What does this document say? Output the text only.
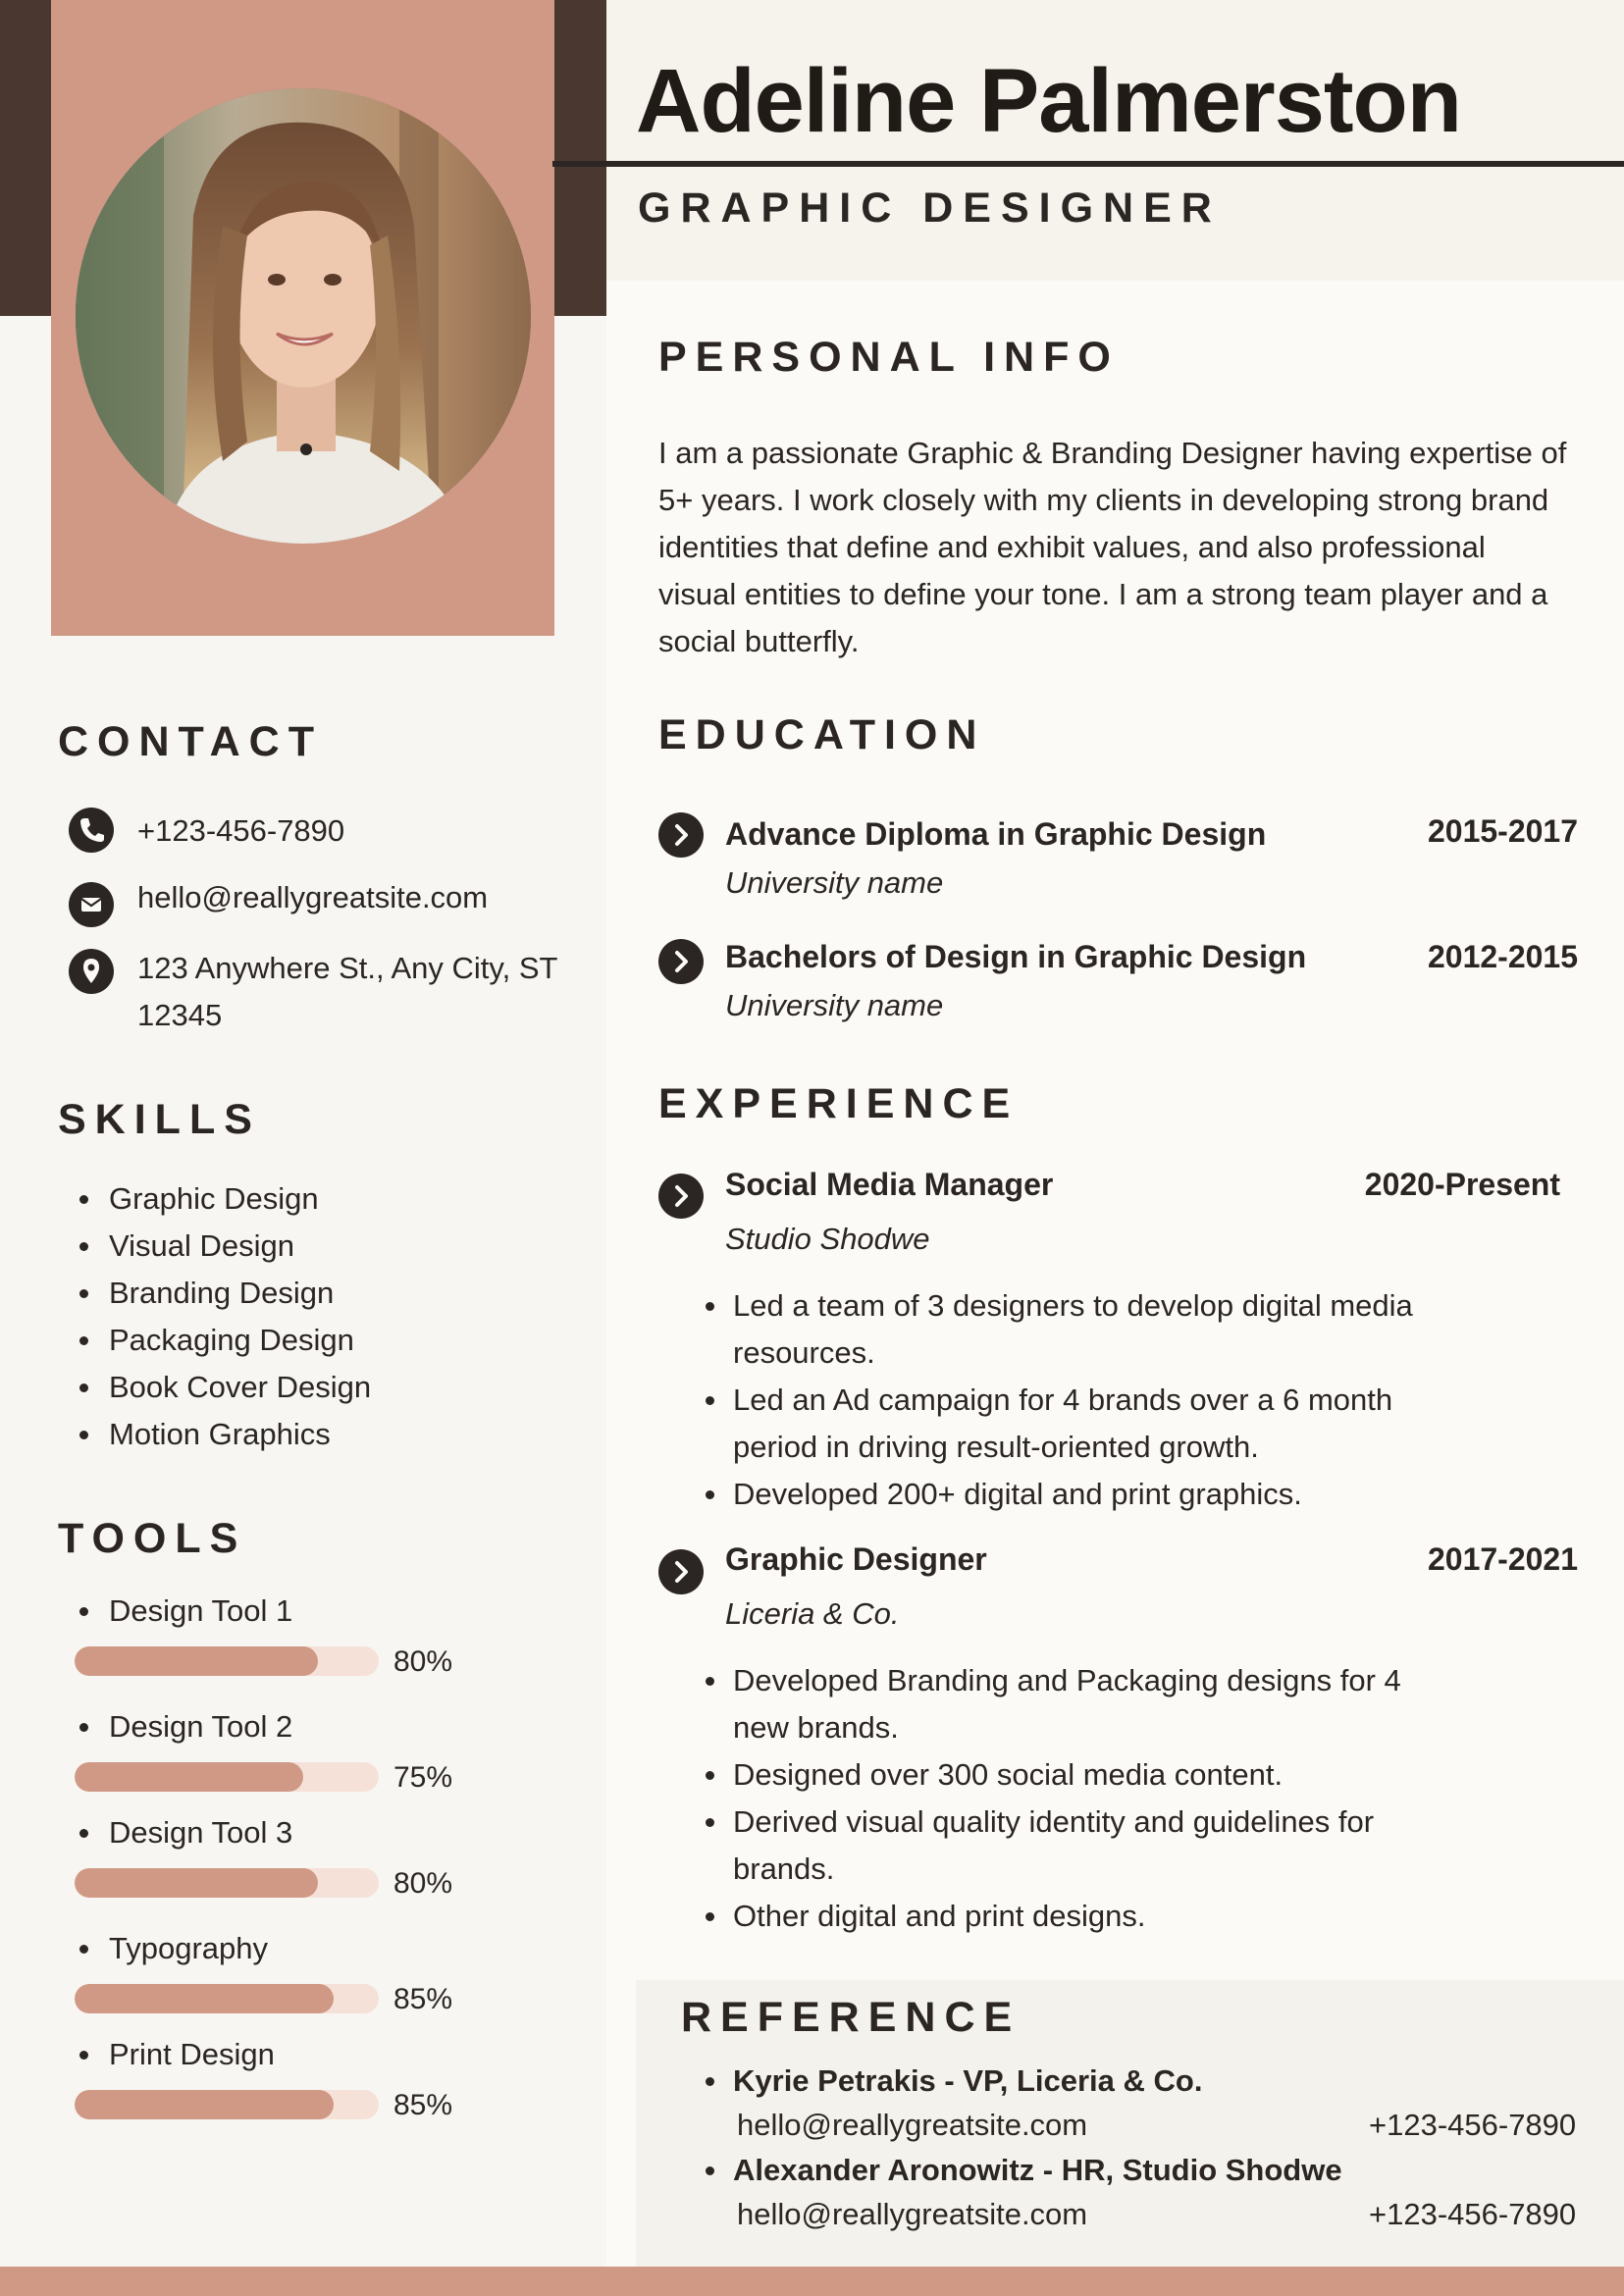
CONTACT
+123-456-7890
hello@reallygreatsite.com
123 Anywhere St., Any City, ST
12345
SKILLS
Graphic Design
Visual Design
Branding Design
Packaging Design
Book Cover Design
Motion Graphics
TOOLS
Design Tool 1
80%
Design Tool 2
75%
Design Tool 3
80%
Typography
85%
Print Design
85%
Adeline Palmerston
GRAPHIC DESIGNER
PERSONAL INFO

I am a passionate Graphic & Branding Designer having expertise of 5+ years. I work closely with my clients in developing strong brand identities that define and exhibit values, and also professional visual entities to define your tone. I am a strong team player and a social butterfly.

EDUCATION
Advance Diploma in Graphic Design	2015-2017
University name
Bachelors of Design in Graphic Design	2012-2015
University name
EXPERIENCE
Social Media Manager	2020-Present
Studio Shodwe
Led a team of 3 designers to develop digital media resources.
Led an Ad campaign for 4 brands over a 6 month period in driving result-oriented growth.
Developed 200+ digital and print graphics.
Graphic Designer	2017-2021
Liceria & Co.
Developed Branding and Packaging designs for 4 new brands.
Designed over 300 social media content.
Derived visual quality identity and guidelines for brands.
Other digital and print designs.
REFERENCE
Kyrie Petrakis - VP, Liceria & Co.
hello@reallygreatsite.com	+123-456-7890
Alexander Aronowitz - HR, Studio Shodwe
hello@reallygreatsite.com	+123-456-7890
